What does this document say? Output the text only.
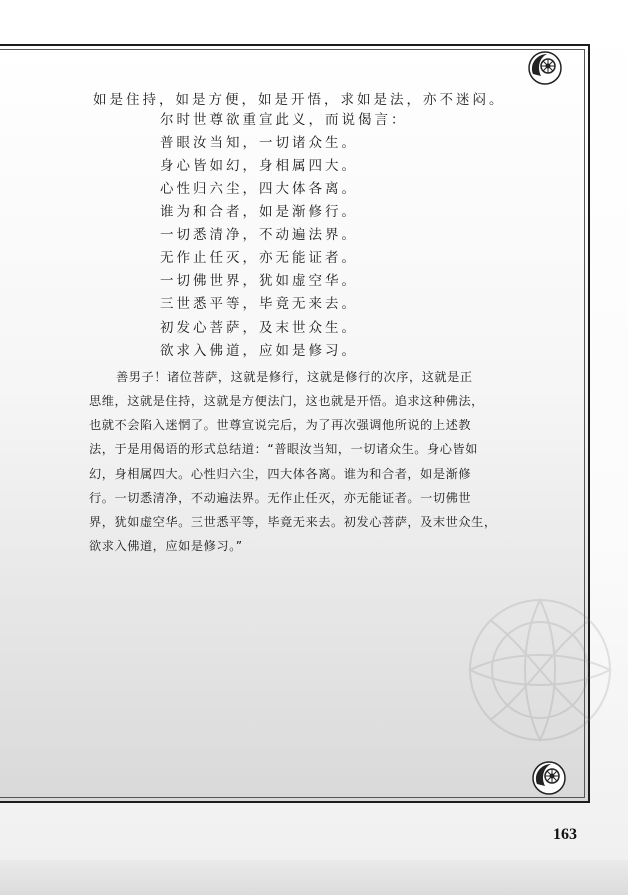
如是住持，如是方便，如是开悟，求如是法，亦不迷闷。
尔时世尊欲重宣此义，而说偈言：
普眼汝当知，一切诸众生。
身心皆如幻，身相属四大。
心性归六尘，四大体各离。
谁为和合者，如是渐修行。
一切悉清净，不动遍法界。
无作止任灭，亦无能证者。
一切佛世界，犹如虚空华。
三世悉平等，毕竟无来去。
初发心菩萨，及末世众生。
欲求入佛道，应如是修习。
善男子！诸位菩萨，这就是修行，这就是修行的次序，这就是正
思维，这就是住持，这就是方便法门，这也就是开悟。追求这种佛法，
也就不会陷入迷惘了。世尊宣说完后，为了再次强调他所说的上述教
法，于是用偈语的形式总结道：“普眼汝当知，一切诸众生。身心皆如
幻，身相属四大。心性归六尘，四大体各离。谁为和合者，如是渐修
行。一切悉清净，不动遍法界。无作止任灭，亦无能证者。一切佛世
界，犹如虚空华。三世悉平等，毕竟无来去。初发心菩萨，及末世众生，
欲求入佛道，应如是修习。”
163
